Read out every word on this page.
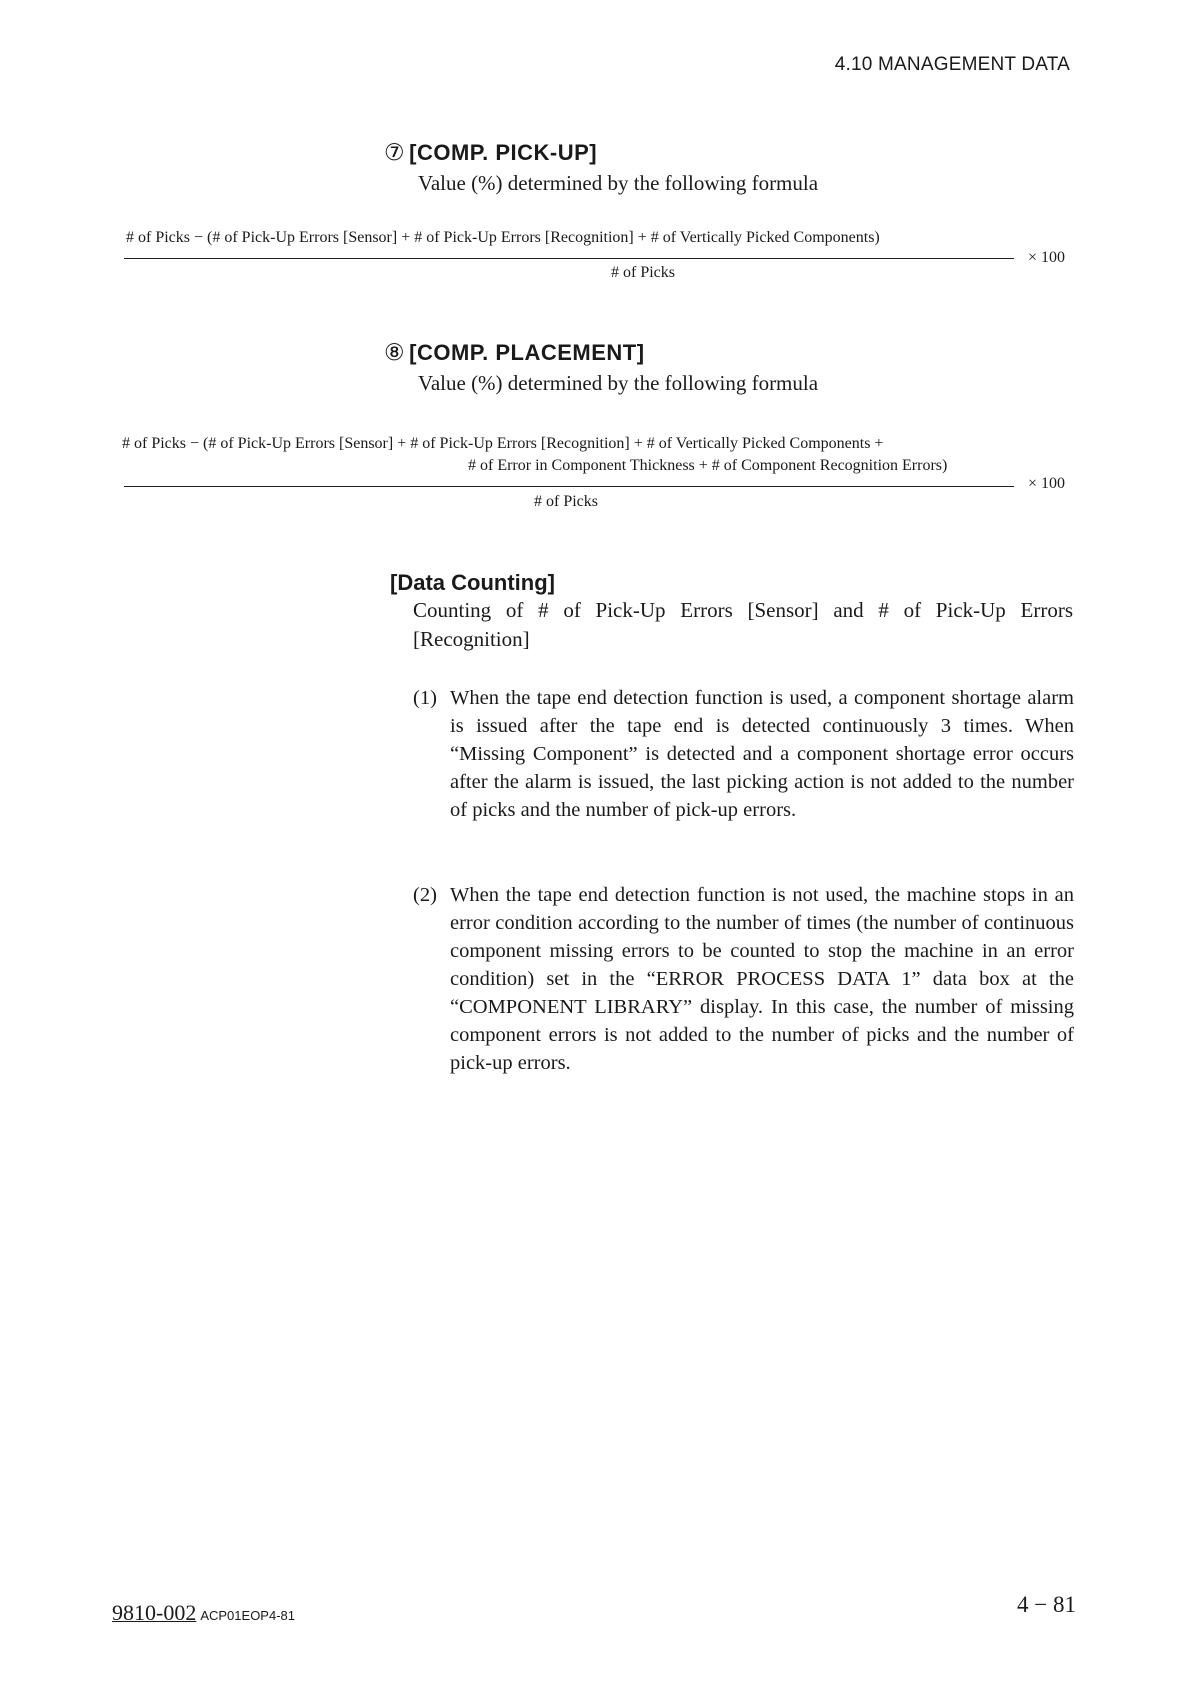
4.10 MANAGEMENT DATA
⑦ [COMP. PICK-UP]
Value (%) determined by the following formula
# of Picks − (# of Pick-Up Errors [Sensor] + # of Pick-Up Errors [Recognition] + # of Vertically Picked Components)
× 100
# of Picks
⑧ [COMP. PLACEMENT]
Value (%) determined by the following formula
# of Picks − (# of Pick-Up Errors [Sensor] + # of Pick-Up Errors [Recognition] + # of Vertically Picked Components +
# of Error in Component Thickness + # of Component Recognition Errors)
× 100
# of Picks
[Data Counting]
Counting of # of Pick-Up Errors [Sensor] and # of Pick-Up Errors [Recognition]
(1) When the tape end detection function is used, a component shortage alarm is issued after the tape end is detected continuously 3 times. When “Missing Component” is detected and a component shortage error occurs after the alarm is issued, the last picking action is not added to the number of picks and the number of pick-up errors.
(2) When the tape end detection function is not used, the machine stops in an error condition according to the number of times (the number of continuous component missing errors to be counted to stop the machine in an error condition) set in the “ERROR PROCESS DATA 1” data box at the “COMPONENT LIBRARY” display. In this case, the number of missing component errors is not added to the number of picks and the number of pick-up errors.
9810-002 ACP01EOP4-81	4 − 81
